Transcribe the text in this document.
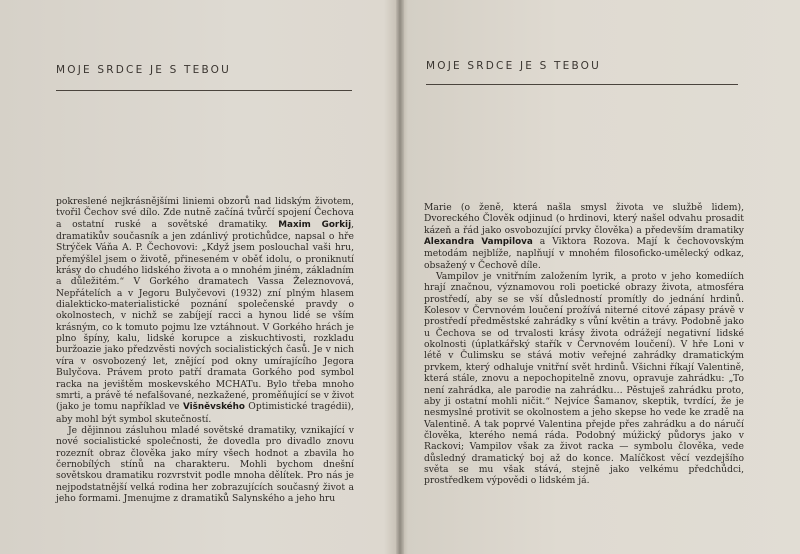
MOJE SRDCE JE S TEBOU

pokreslené nejkrásnějšími liniemi obzorů nad lidským životem, tvořil Čechov své dílo. Zde nutně začíná tvůrčí spojení Čechova a ostatní ruské a sovětské dramatiky. Maxim Gorkij, dramatikův současník a jen zdánlivý protichůdce, napsal o hře Strýček Váňa A. P. Čechovovi: „Když jsem poslouchal vaši hru, přemýšlel jsem o životě, přineseném v oběť idolu, o proniknutí krásy do chudého lidského života a o mnohém jiném, základním a důležitém.“ V Gorkého dramatech Vassa Železnovová, Nepřátelích a v Jegoru Bulyčevovi (1932) zní plným hlasem dialekticko-materialistické poznání společenské pravdy o okolnostech, v nichž se zabíjejí racci a hynou lidé se vším krásným, co k tomuto pojmu lze vztáhnout. V Gorkého hrách je plno špíny, kalu, lidské korupce a ziskuchtivosti, rozkladu buržoazie jako předzvěsti nových socialistických časů. Je v nich víra v osvobozený let, znějící pod okny umírajícího Jegora Bulyčova. Právem proto patří dramata Gorkého pod symbol racka na jevištěm moskevského MCHATu. Bylo třeba mnoho smrti, a právě té nefalšované, nezkažené, proměňující se v život (jako je tomu například ve Višněvského Optimistické tragédii), aby mohl být symbol skutečností.

Je dějinnou zásluhou mladé sovětské dramatiky, vznikající v nové socialistické společnosti, že dovedla pro divadlo znovu rozeznít obraz člověka jako míry všech hodnot a zbavila ho černobílých stínů na charakteru. Mohli bychom dnešní sovětskou dramatiku rozvrstvit podle mnoha dělítek. Pro nás je nejpodstatnější velká rodina her zobrazujících současný život a jeho formami. Jmenujme z dramatiků Salynského a jeho hru

MOJE SRDCE JE S TEBOU

Marie (o ženě, která našla smysl života ve službě lidem), Dvoreckého Člověk odjinud (o hrdinovi, který našel odvahu prosadit kázeň a řád jako osvobozující prvky člověka) a především dramatiky Alexandra Vampilova a Viktora Rozova. Mají k čechovovským metodám nejblíže, naplňují v mnohém filosoficko-umělecký odkaz, obsažený v Čechově díle.

Vampilov je vnitřním založením lyrik, a proto v jeho komediích hrají značnou, významovou roli poetické obrazy života, atmosféra prostředí, aby se se vší důsledností promítly do jednání hrdinů. Kolesov v Červnovém loučení prožívá niterné citové zápasy právě v prostředí předměstské zahrádky s vůní květin a trávy. Podobně jako u Čechova se od trvalosti krásy života odrážejí negativní lidské okolnosti (úplatkářský stařík v Červnovém loučení). V hře Loni v létě v Čulimsku se stává motiv veřejné zahrádky dramatickým prvkem, který odhaluje vnitřní svět hrdinů. Všichni říkají Valentině, která stále, znovu a nepochopitelně znovu, opravuje zahrádku: „To není zahrádka, ale parodie na zahrádku… Pěstuješ zahrádku proto, aby ji ostatní mohli ničit.“ Nejvíce Šamanov, skeptik, tvrdící, že je nesmyslné protivit se okolnostem a jeho skepse ho vede ke zradě na Valentině. A tak poprvé Valentina přejde přes zahrádku a do náručí člověka, kterého nemá ráda. Podobný múžický půdorys jako v Rackovi; Vampilov však za život racka — symbolu člověka, vede důsledný dramatický boj až do konce. Malíčkost věcí vezdejšího světa se mu však stává, stejně jako velkému předchůdci, prostředkem výpovědi o lidském já.
